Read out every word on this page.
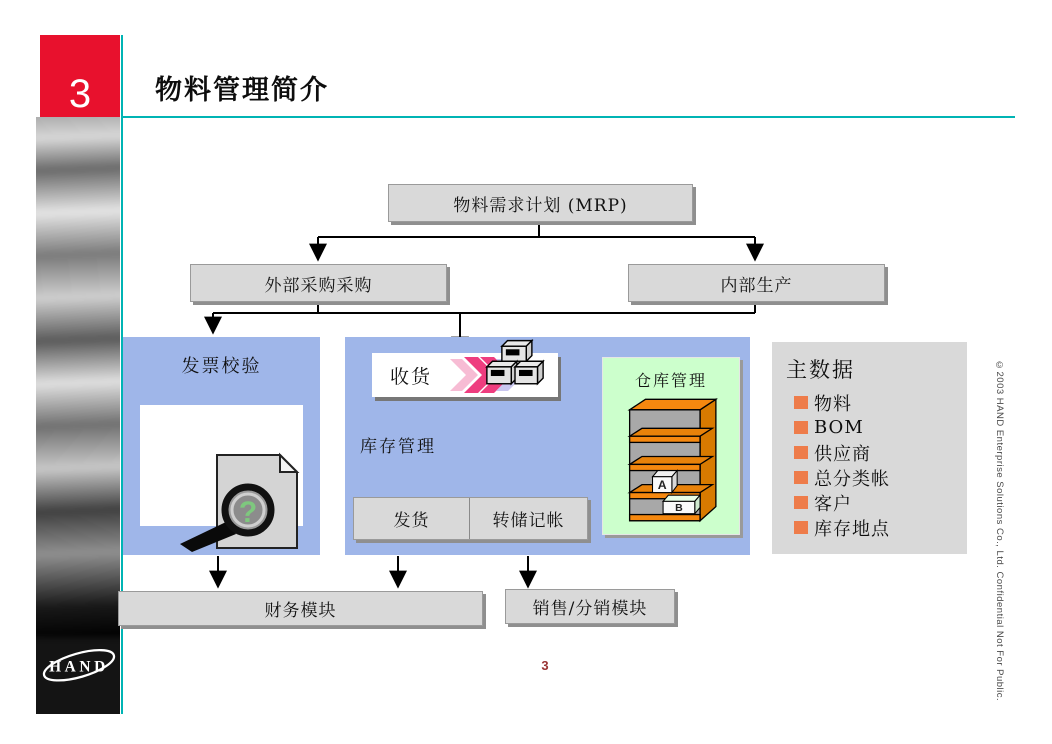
3
HAND
物料管理简介
物料需求计划 (MRP)
外部采购采购	内部生产
发票校验
?
收货
库存管理
发货	转储记帐
仓库管理
A
B
主数据
物料
BOM
供应商
总分类帐
客户
库存地点
财务模块	销售/分销模块
3	©2003 HAND Enterprise Solutions Co., Ltd. Confidential Not For Public.
